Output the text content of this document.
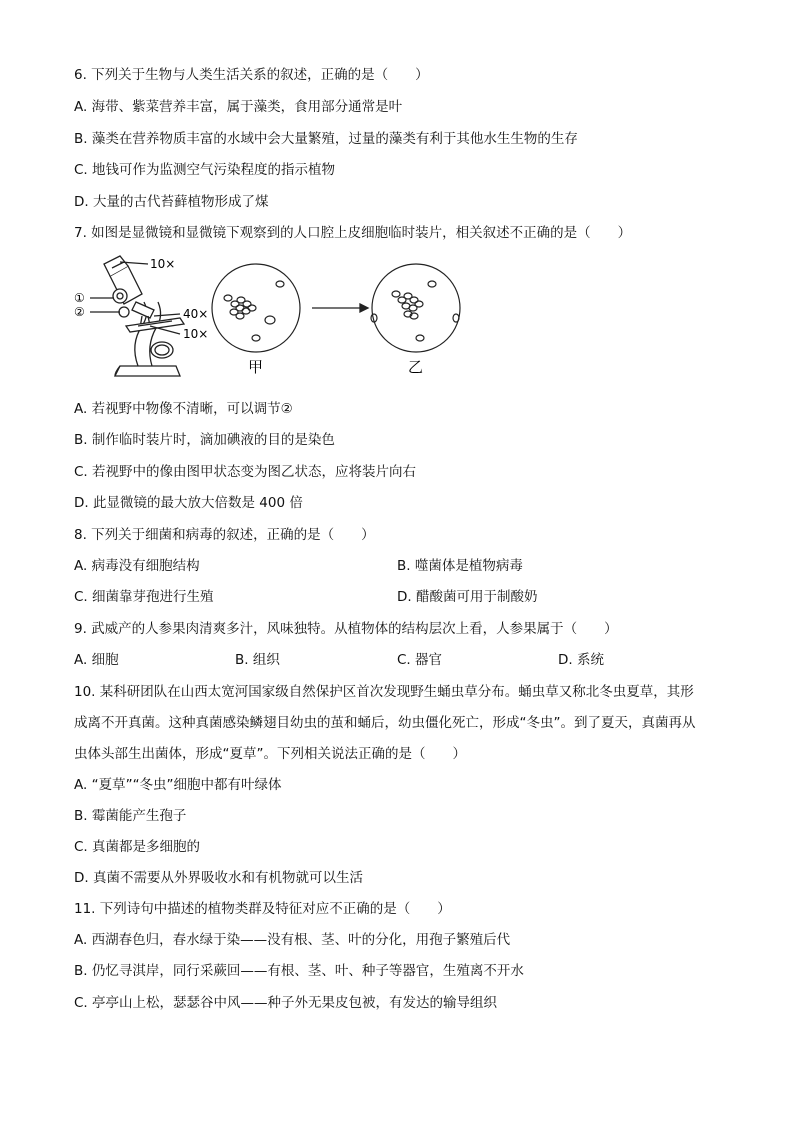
6. 下列关于生物与人类生活关系的叙述，正确的是（　　）
A. 海带、紫菜营养丰富，属于藻类，食用部分通常是叶
B. 藻类在营养物质丰富的水域中会大量繁殖，过量的藻类有利于其他水生生物的生存
C. 地钱可作为监测空气污染程度的指示植物
D. 大量的古代苔藓植物形成了煤
7. 如图是显微镜和显微镜下观察到的人口腔上皮细胞临时装片，相关叙述不正确的是（　　）
10×
40×
10×
①
②
甲	乙
A. 若视野中物像不清晰，可以调节②
B. 制作临时装片时，滴加碘液的目的是染色
C. 若视野中的像由图甲状态变为图乙状态，应将装片向右
D. 此显微镜的最大放大倍数是 400 倍
8. 下列关于细菌和病毒的叙述，正确的是（　　）
A. 病毒没有细胞结构	B. 噬菌体是植物病毒
C. 细菌靠芽孢进行生殖	D. 醋酸菌可用于制酸奶
9. 武威产的人参果肉清爽多汁，风味独特。从植物体的结构层次上看，人参果属于（　　）
A. 细胞	B. 组织	C. 器官	D. 系统
10. 某科研团队在山西太宽河国家级自然保护区首次发现野生蛹虫草分布。蛹虫草又称北冬虫夏草，其形
成离不开真菌。这种真菌感染鳞翅目幼虫的茧和蛹后，幼虫僵化死亡，形成“冬虫”。到了夏天，真菌再从
虫体头部生出菌体，形成“夏草”。下列相关说法正确的是（　　）
A. “夏草”“冬虫”细胞中都有叶绿体
B. 霉菌能产生孢子
C. 真菌都是多细胞的
D. 真菌不需要从外界吸收水和有机物就可以生活
11. 下列诗句中描述的植物类群及特征对应不正确的是（　　）
A. 西湖春色归，春水绿于染——没有根、茎、叶的分化，用孢子繁殖后代
B. 仍忆寻淇岸，同行采蕨回——有根、茎、叶、种子等器官，生殖离不开水
C. 亭亭山上松，瑟瑟谷中风——种子外无果皮包被，有发达的输导组织
